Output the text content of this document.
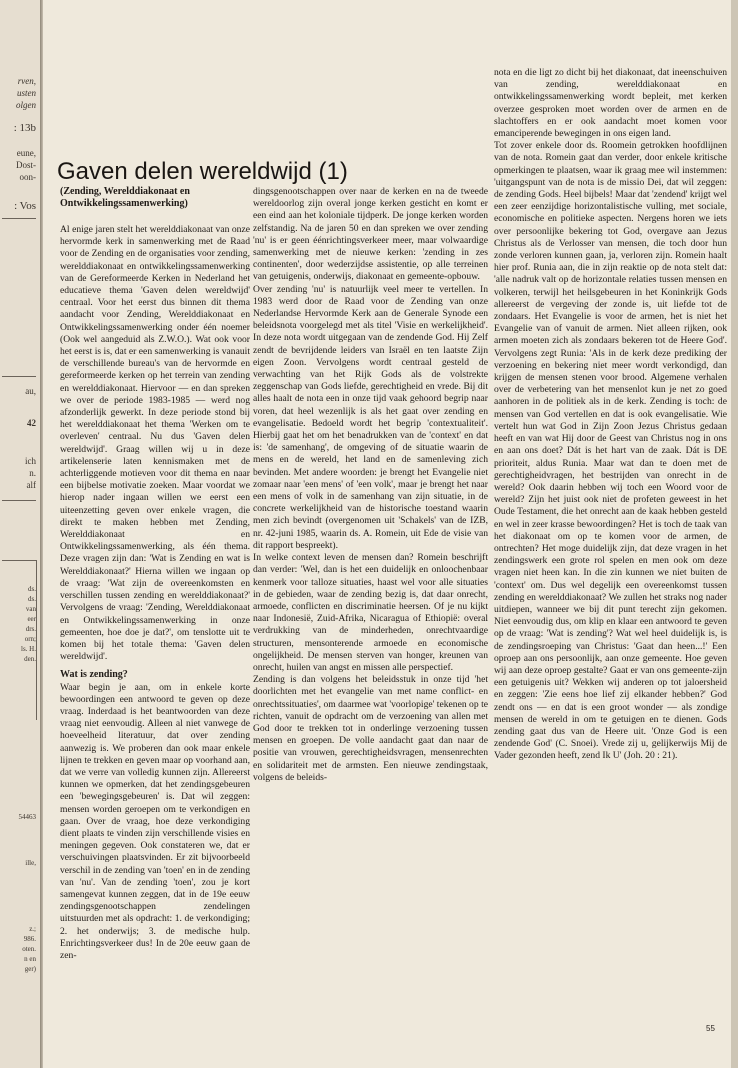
rven,
usten
olgen
: 13b
eune,
Dost-
oon-
: Vos
au,
42
ich
n.
alf
ds.
ds.
van
eer
drs.
orn;
ls. H.
den.
54463
ille,
z.;
986.
oten.
n en
ger)
Gaven delen wereldwijd (1)
(Zending, Werelddiakonaat en Ontwikkelingssamenwerking)

Al enige jaren stelt het werelddiakonaat van onze hervormde kerk in samenwerking met de Raad voor de Zending en de organisaties voor zending, werelddiakonaat en ontwikkelingssamenwerking van de Gereformeerde Kerken in Nederland het educatieve thema 'Gaven delen wereldwijd' centraal. Voor het eerst dus binnen dit thema aandacht voor Zending, Werelddiakonaat en Ontwikkelingssamenwerking onder één noemer (Ook wel aangeduid als Z.W.O.). Wat ook voor het eerst is is, dat er een samenwerking is vanauit de verschillende bureau's van de hervormde en gereformeerde kerken op het terrein van zending en werelddiakonaat. Hiervoor — en dan spreken we over de periode 1983-1985 — werd nog afzonderlijk gewerkt. In deze periode stond bij het werelddiakonaat het thema 'Werken om te overleven' centraal. Nu dus 'Gaven delen wereldwijd'. Graag willen wij u in deze artikelenserie laten kennismaken met de achterliggende motieven voor dit thema en naar een bijbelse motivatie zoeken. Maar voordat we hierop nader ingaan willen we eerst een uiteenzetting geven over enkele vragen, die direkt te maken hebben met Zending, Werelddiakonaat en Ontwikkelingssamenwerking, als één thema. Deze vragen zijn dan: 'Wat is Zending en wat is Werelddiakonaat?' Hierna willen we ingaan op de vraag: 'Wat zijn de overeenkomsten en verschillen tussen zending en werelddiakonaat?' Vervolgens de vraag: 'Zending, Werelddiakonaat en Ontwikkelingssamenwerking in onze gemeenten, hoe doe je dat?', om tenslotte uit te komen bij het totale thema: 'Gaven delen wereldwijd'.

Wat is zending?

Waar begin je aan, om in enkele korte bewoordingen een antwoord te geven op deze vraag. Inderdaad is het beantwoorden van deze vraag niet eenvoudig. Alleen al niet vanwege de hoeveelheid literatuur, dat over zending aanwezig is. We proberen dan ook maar enkele lijnen te trekken en geven maar op voorhand aan, dat we verre van volledig kunnen zijn. Allereerst kunnen we opmerken, dat het zendingsgebeuren een 'bewegingsgebeuren' is. Dat wil zeggen: mensen worden geroepen om te verkondigen en gaan. Over de vraag, hoe deze verkondiging dient plaats te vinden zijn verschillende visies en meningen gegeven. Ook constateren we, dat er verschuivingen plaatsvinden. Er zit bijvoorbeeld verschil in de zending van 'toen' en in de zending van 'nu'. Van de zending 'toen', zou je kort samengevat kunnen zeggen, dat in de 19e eeuw zendingsgenootschappen zendelingen uitstuurden met als opdracht: 1. de verkondiging; 2. het onderwijs; 3. de medische hulp. Enrichtingsverkeer dus! In de 20e eeuw gaan de zen-

dingsgenootschappen over naar de kerken en na de tweede wereldoorlog zijn overal jonge kerken gesticht en komt er een eind aan het koloniale tijdperk. De jonge kerken worden zelfstandig. Na de jaren 50 en dan spreken we over zending 'nu' is er geen éénrichtingsverkeer meer, maar volwaardige samenwerking met de nieuwe kerken: 'zending in zes continenten', door wederzijdse assistentie, op alle terreinen van getuigenis, onderwijs, diakonaat en gemeente-opbouw.

Over zending 'nu' is natuurlijk veel meer te vertellen. In 1983 werd door de Raad voor de Zending van onze Nederlandse Hervormde Kerk aan de Generale Synode een beleidsnota voorgelegd met als titel 'Visie en werkelijkheid'. In deze nota wordt uitgegaan van de zendende God. Hij Zelf zendt de bevrijdende leiders van Israël en ten laatste Zijn eigen Zoon. Vervolgens wordt centraal gesteld de verwachting van het Rijk Gods als de volstrekte zeggenschap van Gods liefde, gerechtigheid en vrede. Bij dit alles haalt de nota een in onze tijd vaak gehoord begrip naar voren, dat heel wezenlijk is als het gaat over zending en evangelisatie. Bedoeld wordt het begrip 'contextualiteit'. Hierbij gaat het om het benadrukken van de 'context' en dat is: 'de samenhang', de omgeving of de situatie waarin de mens en de wereld, het land en de samenleving zich bevinden. Met andere woorden: je brengt het Evangelie niet zomaar naar 'een mens' of 'een volk', maar je brengt het naar een mens of volk in de samenhang van zijn situatie, in de concrete werkelijkheid van de historische toestand waarin men zich bevindt (overgenomen uit 'Schakels' van de IZB, nr. 42-juni 1985, waarin ds. A. Romein, uit Ede de visie van dit rapport bespreekt).

In welke context leven de mensen dan? Romein beschrijft dan verder: 'Wel, dan is het een duidelijk en onloochenbaar kenmerk voor talloze situaties, haast wel voor alle situaties in de gebieden, waar de zending bezig is, dat daar onrecht, armoede, conflicten en discriminatie heersen. Of je nu kijkt naar Indonesië, Zuid-Afrika, Nicaragua of Ethiopië: overal verdrukking van de minderheden, onrechtvaardige structuren, mensonterende armoede en economische ongelijkheid. De mensen sterven van honger, kreunen van onrecht, huilen van angst en missen alle perspectief.

Zending is dan volgens het beleidsstuk in onze tijd 'het doorlichten met het evangelie van met name conflict- en onrechtssituaties', om daarmee wat 'voorlopige' tekenen op te richten, vanuit de opdracht om de verzoening van allen met God door te trekken tot in onderlinge verzoening tussen mensen en groepen. De volle aandacht gaat dan naar de positie van vrouwen, gerechtigheidsvragen, mensenrechten en solidariteit met de armsten. Een nieuwe zendingstaak, volgens de beleids-

nota en die ligt zo dicht bij het diakonaat, dat ineenschuiven van zending, werelddiakonaat en ontwikkelingssamenwerking wordt bepleit, met kerken overzee gesproken moet worden over de armen en de slachtoffers en er ook aandacht moet komen voor emanciperende bewegingen in ons eigen land.

Tot zover enkele door ds. Roomein getrokken hoofdlijnen van de nota. Romein gaat dan verder, door enkele kritische opmerkingen te plaatsen, waar ik graag mee wil instemmen: 'uitgangspunt van de nota is de missio Dei, dat wil zeggen: de zending Gods. Heel bijbels! Maar dat 'zendend' krijgt wel een zeer eenzijdige horizontalistische vulling, met sociale, economische en politieke aspecten. Nergens horen we iets over persoonlijke bekering tot God, overgave aan Jezus Christus als de Verlosser van mensen, die toch door hun zonde verloren kunnen gaan, ja, verloren zijn. Romein haalt hier prof. Runia aan, die in zijn reaktie op de nota stelt dat: 'alle nadruk valt op de horizontale relaties tussen mensen en volkeren, terwijl het heilsgebeuren in het Koninkrijk Gods allereerst de vergeving der zonde is, uit liefde tot de zondaars. Het Evangelie is voor de armen, het is niet het Evangelie van of vanuit de armen. Niet alleen rijken, ook armen moeten zich als zondaars bekeren tot de Heere God'. Vervolgens zegt Runia: 'Als in de kerk deze prediking der verzoening en bekering niet meer wordt verkondigd, dan krijgen de mensen stenen voor brood. Algemene verhalen over de verbetering van het mensenlot kun je net zo goed aanhoren in de politiek als in de kerk. Zending is toch: de mensen van God vertellen en dat is ook evangelisatie. Wie vertelt hun wat God in Zijn Zoon Jezus Christus gedaan heeft en van wat Hij door de Geest van Christus nog in ons en aan ons doet? Dát is het hart van de zaak. Dát is DE prioriteit, aldus Runia. Maar wat dan te doen met de gerechtigheidvragen, het bestrijden van onrecht in de wereld? Ook daarin hebben wij toch een Woord voor de wereld? Zijn het juist ook niet de profeten geweest in het Oude Testament, die het onrecht aan de kaak hebben gesteld en wel in zeer krasse bewoordingen? Het is toch de taak van het diakonaat om op te komen voor de armen, de ontrechten? Het moge duidelijk zijn, dat deze vragen in het zendingswerk een grote rol spelen en men ook om deze vragen niet heen kan. In die zin kunnen we niet buiten de 'context' om. Dus wel degelijk een overeenkomst tussen zending en werelddiakonaat? We zullen het straks nog nader uitdiepen, wanneer we bij dit punt terecht zijn gekomen. Niet eenvoudig dus, om klip en klaar een antwoord te geven op de vraag: 'Wat is zending'? Wat wel heel duidelijk is, is de zendingsroeping van Christus: 'Gaat dan heen...!' Een oproep aan ons persoonlijk, aan onze gemeente. Hoe geven wij aan deze oproep gestalte? Gaat er van ons gemeente-zijn een getuigenis uit? Wekken wij anderen op tot jaloersheid en zeggen: 'Zie eens hoe lief zij elkander hebben?' God zendt ons — en dat is een groot wonder — als zondige mensen de wereld in om te getuigen en te dienen. Gods zending gaat dus van de Heere uit. 'Onze God is een zendende God' (C. Snoei). Vrede zij u, gelijkerwijs Mij de Vader gezonden heeft, zend Ik U' (Joh. 20 : 21).

55
